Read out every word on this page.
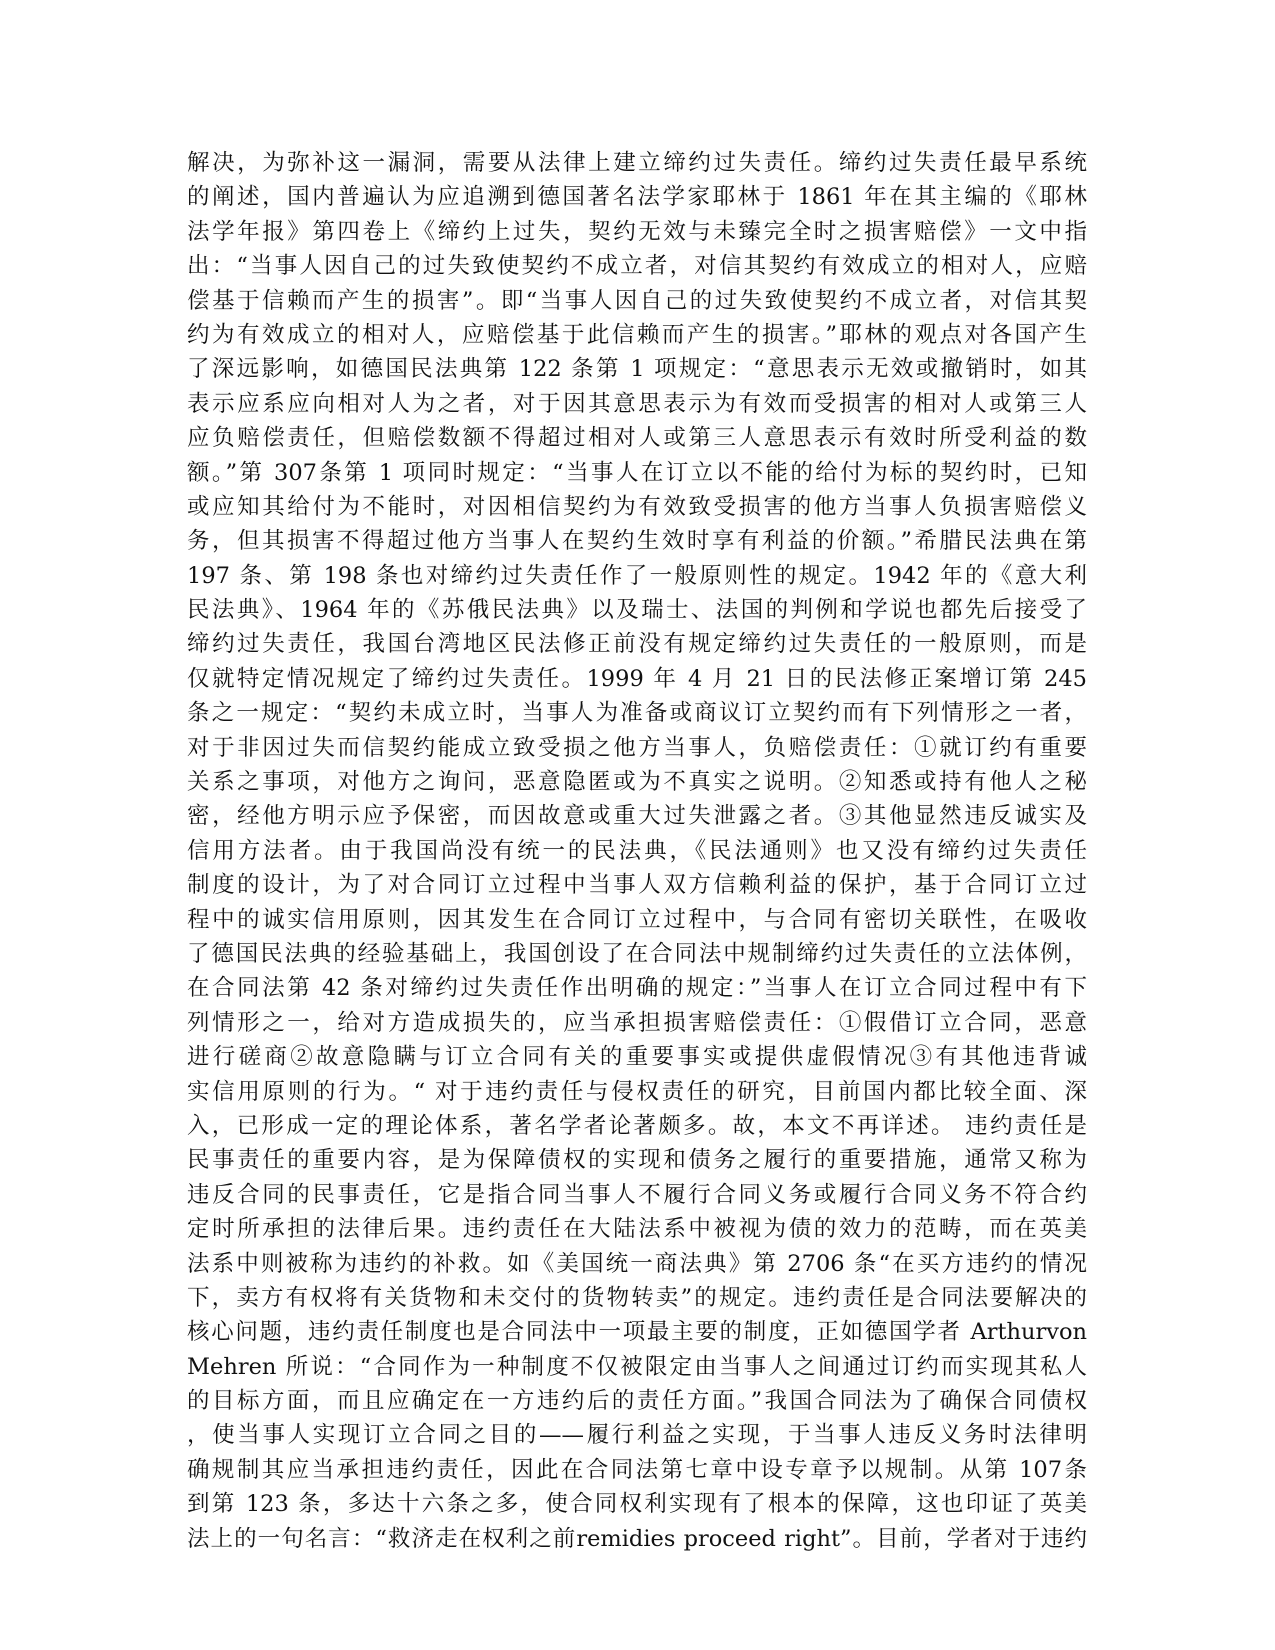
解决，为弥补这一漏洞，需要从法律上建立缔约过失责任。缔约过失责任最早系统
的阐述，国内普遍认为应追溯到德国著名法学家耶林于 1861 年在其主编的《耶林
法学年报》第四卷上《缔约上过失，契约无效与未臻完全时之损害赔偿》一文中指
出：“当事人因自己的过失致使契约不成立者，对信其契约有效成立的相对人，应赔
偿基于信赖而产生的损害”。即“当事人因自己的过失致使契约不成立者，对信其契
约为有效成立的相对人，应赔偿基于此信赖而产生的损害。”耶林的观点对各国产生
了深远影响，如德国民法典第 122 条第 1 项规定：“意思表示无效或撤销时，如其
表示应系应向相对人为之者，对于因其意思表示为有效而受损害的相对人或第三人
应负赔偿责任，但赔偿数额不得超过相对人或第三人意思表示有效时所受利益的数
额。”第 307条第 1 项同时规定：“当事人在订立以不能的给付为标的契约时，已知
或应知其给付为不能时，对因相信契约为有效致受损害的他方当事人负损害赔偿义
务，但其损害不得超过他方当事人在契约生效时享有利益的价额。”希腊民法典在第
197 条、第 198 条也对缔约过失责任作了一般原则性的规定。1942 年的《意大利
民法典》、1964 年的《苏俄民法典》以及瑞士、法国的判例和学说也都先后接受了
缔约过失责任，我国台湾地区民法修正前没有规定缔约过失责任的一般原则，而是
仅就特定情况规定了缔约过失责任。1999 年 4 月 21 日的民法修正案增订第 245
条之一规定：“契约未成立时，当事人为准备或商议订立契约而有下列情形之一者，
对于非因过失而信契约能成立致受损之他方当事人，负赔偿责任：①就订约有重要
关系之事项，对他方之询问，恶意隐匿或为不真实之说明。②知悉或持有他人之秘
密，经他方明示应予保密，而因故意或重大过失泄露之者。③其他显然违反诚实及
信用方法者。由于我国尚没有统一的民法典，《民法通则》也又没有缔约过失责任
制度的设计，为了对合同订立过程中当事人双方信赖利益的保护，基于合同订立过
程中的诚实信用原则，因其发生在合同订立过程中，与合同有密切关联性，在吸收
了德国民法典的经验基础上，我国创设了在合同法中规制缔约过失责任的立法体例，
在合同法第 42 条对缔约过失责任作出明确的规定：”当事人在订立合同过程中有下
列情形之一，给对方造成损失的，应当承担损害赔偿责任：①假借订立合同，恶意
进行磋商②故意隐瞒与订立合同有关的重要事实或提供虚假情况③有其他违背诚
实信用原则的行为。“ 对于违约责任与侵权责任的研究，目前国内都比较全面、深
入，已形成一定的理论体系，著名学者论著颇多。故，本文不再详述。 违约责任是
民事责任的重要内容，是为保障债权的实现和债务之履行的重要措施，通常又称为
违反合同的民事责任，它是指合同当事人不履行合同义务或履行合同义务不符合约
定时所承担的法律后果。违约责任在大陆法系中被视为债的效力的范畴，而在英美
法系中则被称为违约的补救。如《美国统一商法典》第 2706 条“在买方违约的情况
下，卖方有权将有关货物和未交付的货物转卖”的规定。违约责任是合同法要解决的
核心问题，违约责任制度也是合同法中一项最主要的制度，正如德国学者 Arthurvon
Mehren 所说：“合同作为一种制度不仅被限定由当事人之间通过订约而实现其私人
的目标方面，而且应确定在一方违约后的责任方面。”我国合同法为了确保合同债权
，使当事人实现订立合同之目的——履行利益之实现，于当事人违反义务时法律明
确规制其应当承担违约责任，因此在合同法第七章中设专章予以规制。从第 107条
到第 123 条，多达十六条之多，使合同权利实现有了根本的保障，这也印证了英美
法上的一句名言：“救济走在权利之前remidies proceed right”。目前，学者对于违约
